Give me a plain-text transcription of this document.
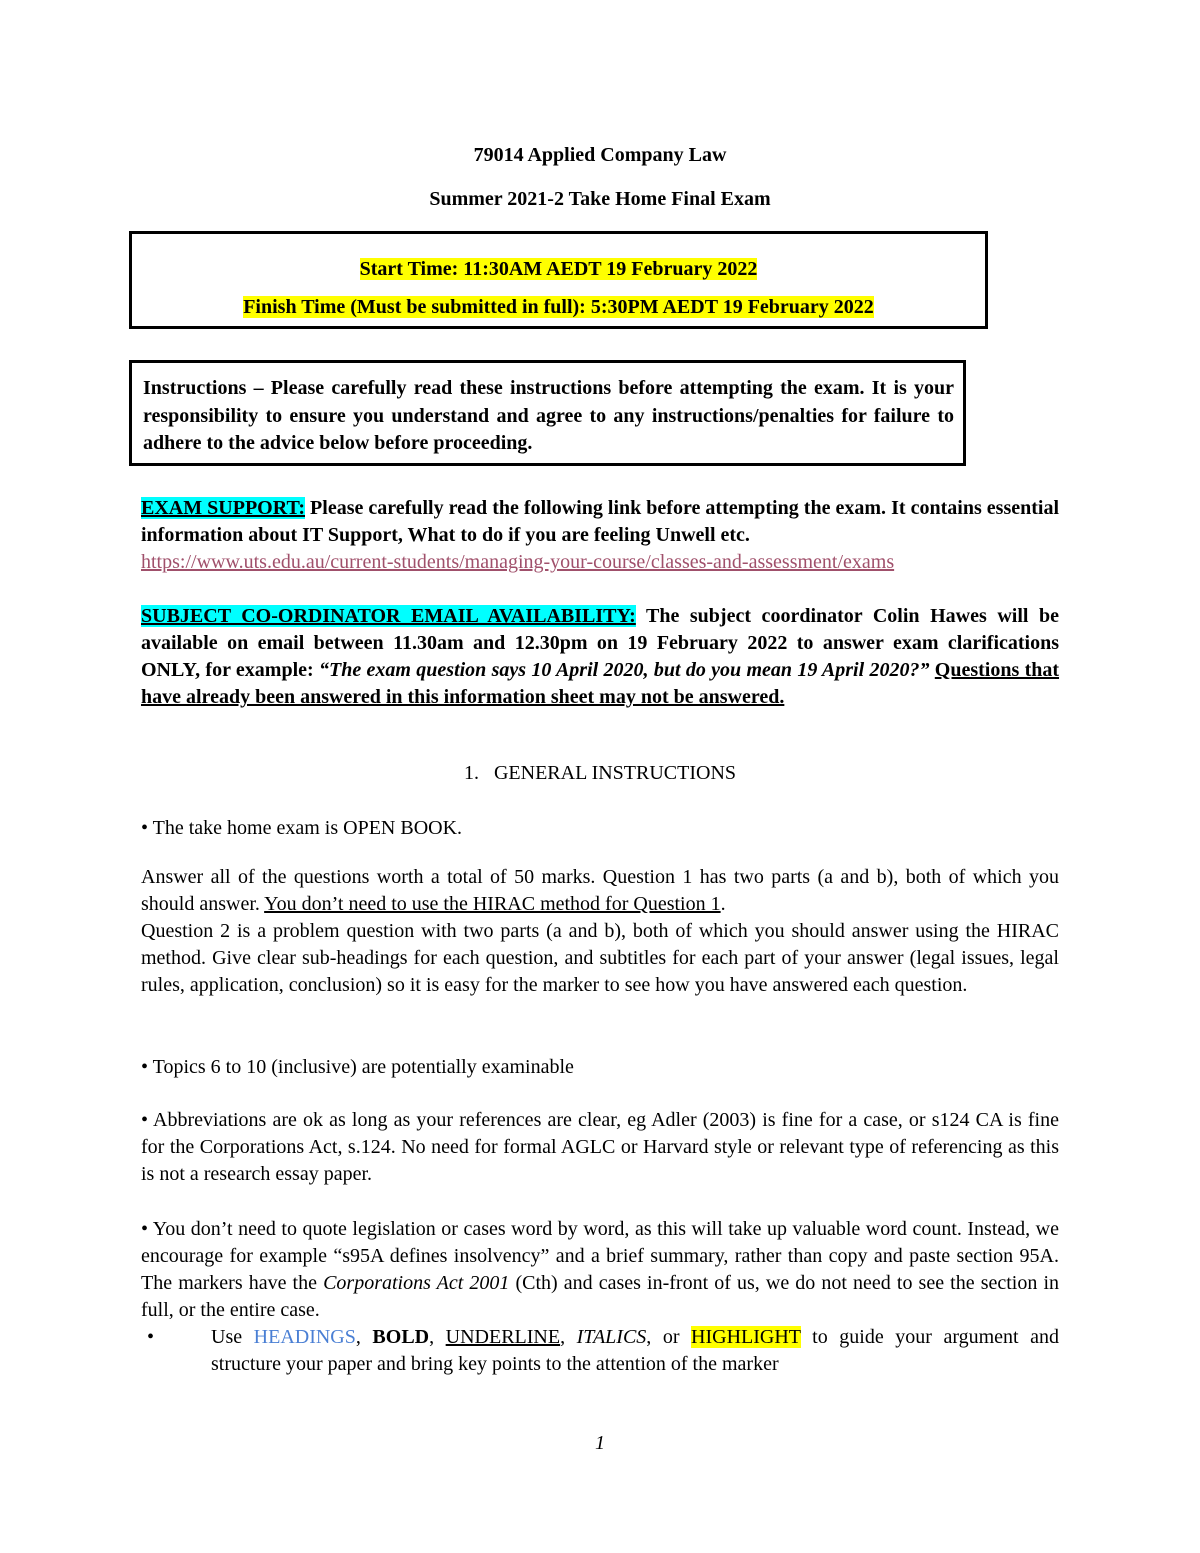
79014 Applied Company Law
Summer 2021-2 Take Home Final Exam
Start Time: 11:30AM AEDT 19 February 2022
Finish Time (Must be submitted in full): 5:30PM AEDT 19 February 2022
Instructions – Please carefully read these instructions before attempting the exam. It is your responsibility to ensure you understand and agree to any instructions/penalties for failure to adhere to the advice below before proceeding.
EXAM SUPPORT: Please carefully read the following link before attempting the exam. It contains essential information about IT Support, What to do if you are feeling Unwell etc.
https://www.uts.edu.au/current-students/managing-your-course/classes-and-assessment/exams
SUBJECT CO-ORDINATOR EMAIL AVAILABILITY: The subject coordinator Colin Hawes will be available on email between 11.30am and 12.30pm on 19 February 2022 to answer exam clarifications ONLY, for example: “The exam question says 10 April 2020, but do you mean 19 April 2020?” Questions that have already been answered in this information sheet may not be answered.
1. GENERAL INSTRUCTIONS
• The take home exam is OPEN BOOK.
Answer all of the questions worth a total of 50 marks. Question 1 has two parts (a and b), both of which you should answer. You don’t need to use the HIRAC method for Question 1.
Question 2 is a problem question with two parts (a and b), both of which you should answer using the HIRAC method. Give clear sub-headings for each question, and subtitles for each part of your answer (legal issues, legal rules, application, conclusion) so it is easy for the marker to see how you have answered each question.
• Topics 6 to 10 (inclusive) are potentially examinable
• Abbreviations are ok as long as your references are clear, eg Adler (2003) is fine for a case, or s124 CA is fine for the Corporations Act, s.124. No need for formal AGLC or Harvard style or relevant type of referencing as this is not a research essay paper.
• You don’t need to quote legislation or cases word by word, as this will take up valuable word count. Instead, we encourage for example “s95A defines insolvency” and a brief summary, rather than copy and paste section 95A. The markers have the Corporations Act 2001 (Cth) and cases in-front of us, we do not need to see the section in full, or the entire case.
•	Use HEADINGS, BOLD, UNDERLINE, ITALICS, or HIGHLIGHT to guide your argument and structure your paper and bring key points to the attention of the marker
1
